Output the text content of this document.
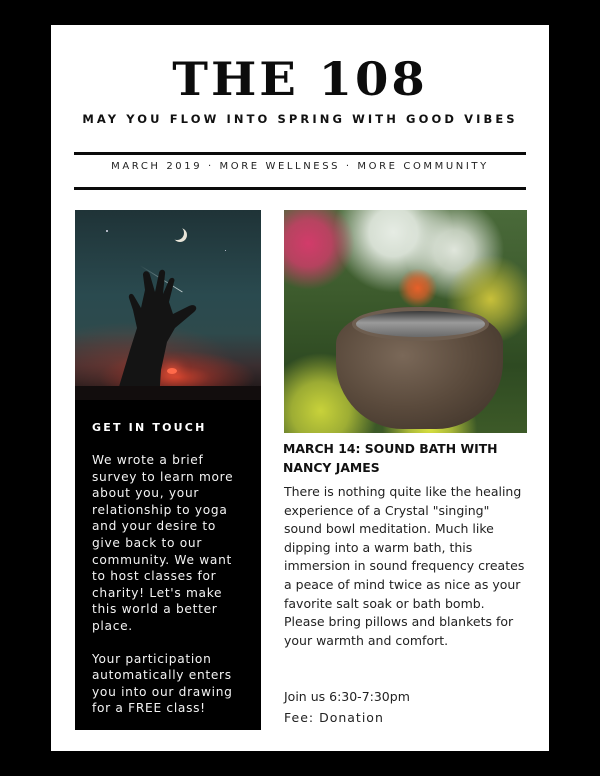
THE 108
MAY YOU FLOW INTO SPRING WITH GOOD VIBES
MARCH 2019 · MORE WELLNESS · MORE COMMUNITY
GET IN TOUCH

We wrote a brief survey to learn more about you, your relationship to yoga and your desire to give back to our community. We want to host classes for charity! Let's make this world a better place.

Your participation automatically enters you into our drawing for a FREE class!

MARCH 14: SOUND BATH WITH NANCY JAMES
There is nothing quite like the healing experience of a Crystal "singing" sound bowl meditation. Much like dipping into a warm bath, this immersion in sound frequency creates a peace of mind twice as nice as your favorite salt soak or bath bomb. Please bring pillows and blankets for your warmth and comfort.
Join us 6:30-7:30pm
Fee: Donation
